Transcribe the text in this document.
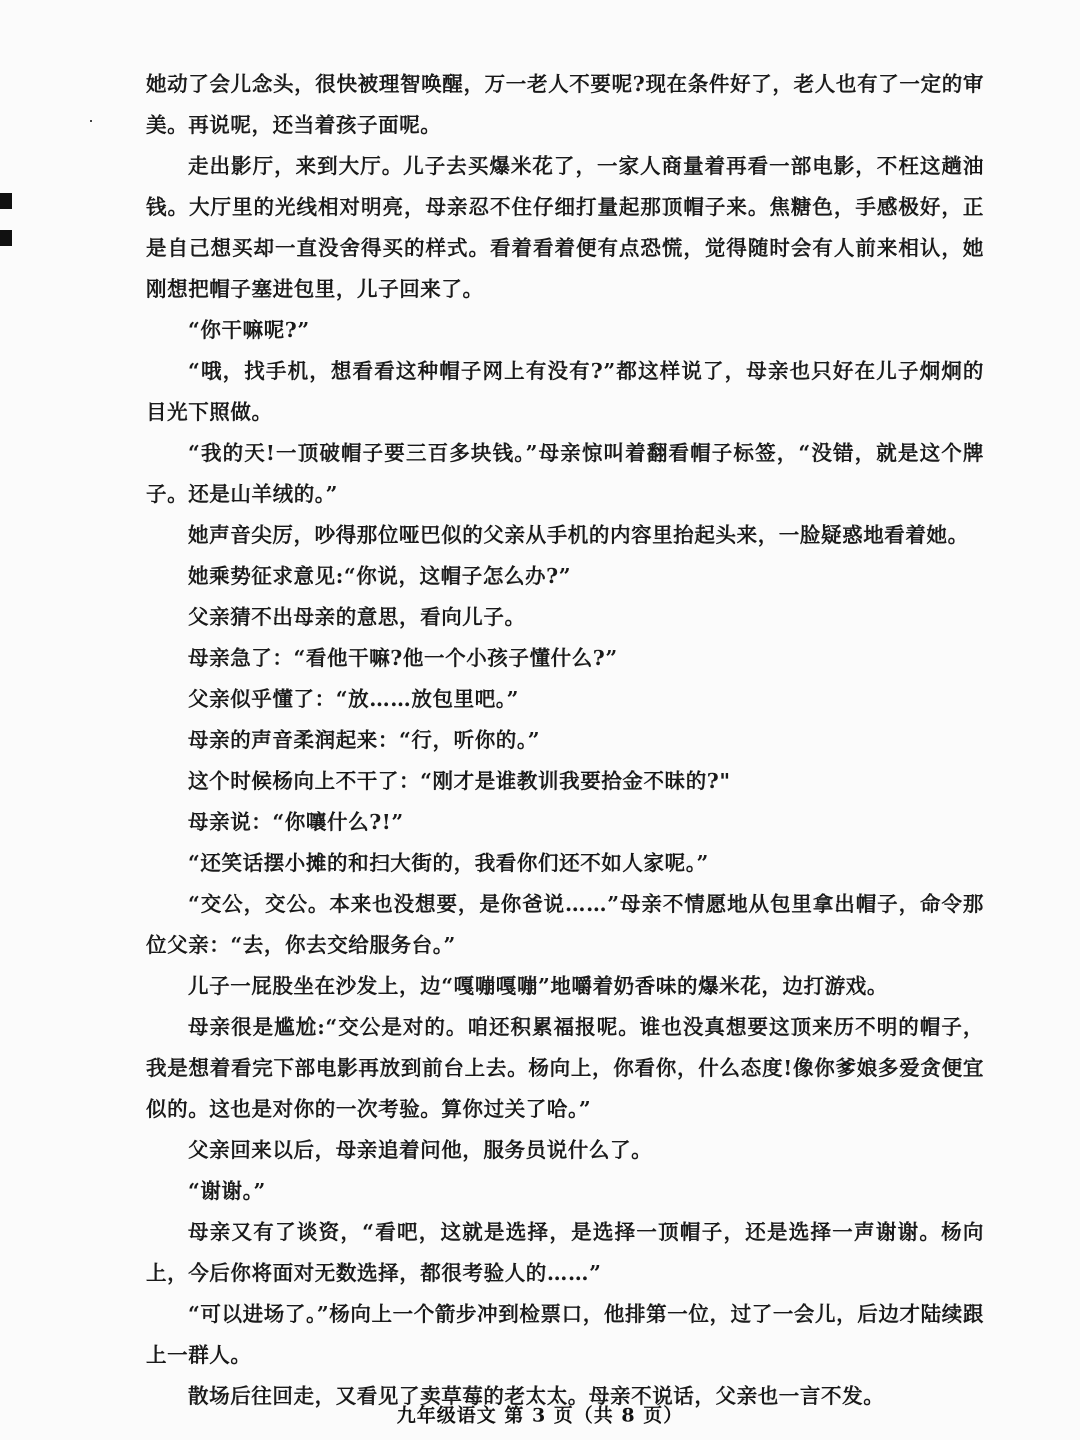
她动了会儿念头，很快被理智唤醒，万一老人不要呢?现在条件好了，老人也有了一定的审美。再说呢，还当着孩子面呢。

走出影厅，来到大厅。儿子去买爆米花了，一家人商量着再看一部电影，不枉这趟油钱。大厅里的光线相对明亮，母亲忍不住仔细打量起那顶帽子来。焦糖色，手感极好，正是自己想买却一直没舍得买的样式。看着看着便有点恐慌，觉得随时会有人前来相认，她刚想把帽子塞进包里，儿子回来了。

“你干嘛呢?”

“哦，找手机，想看看这种帽子网上有没有?”都这样说了，母亲也只好在儿子炯炯的目光下照做。

“我的天!一顶破帽子要三百多块钱。”母亲惊叫着翻看帽子标签，“没错，就是这个牌子。还是山羊绒的。”

她声音尖厉，吵得那位哑巴似的父亲从手机的内容里抬起头来，一脸疑惑地看着她。

她乘势征求意见:“你说，这帽子怎么办?”

父亲猜不出母亲的意思，看向儿子。

母亲急了：“看他干嘛?他一个小孩子懂什么?”

父亲似乎懂了：“放……放包里吧。”

母亲的声音柔润起来：“行，听你的。”

这个时候杨向上不干了：“刚才是谁教训我要拾金不昧的?"

母亲说：“你嚷什么?!”

“还笑话摆小摊的和扫大街的，我看你们还不如人家呢。”

“交公，交公。本来也没想要，是你爸说……”母亲不情愿地从包里拿出帽子，命令那位父亲：“去，你去交给服务台。”

儿子一屁股坐在沙发上，边“嘎嘣嘎嘣”地嚼着奶香味的爆米花，边打游戏。

母亲很是尴尬:“交公是对的。咱还积累福报呢。谁也没真想要这顶来历不明的帽子，我是想着看完下部电影再放到前台上去。杨向上，你看你，什么态度!像你爹娘多爱贪便宜似的。这也是对你的一次考验。算你过关了哈。”

父亲回来以后，母亲追着问他，服务员说什么了。

“谢谢。”

母亲又有了谈资，“看吧，这就是选择，是选择一顶帽子，还是选择一声谢谢。杨向上，今后你将面对无数选择，都很考验人的……”

“可以进场了。”杨向上一个箭步冲到检票口，他排第一位，过了一会儿，后边才陆续跟上一群人。

散场后往回走，又看见了卖草莓的老太太。母亲不说话，父亲也一言不发。

九年级语文 第 3 页（共 8 页）
